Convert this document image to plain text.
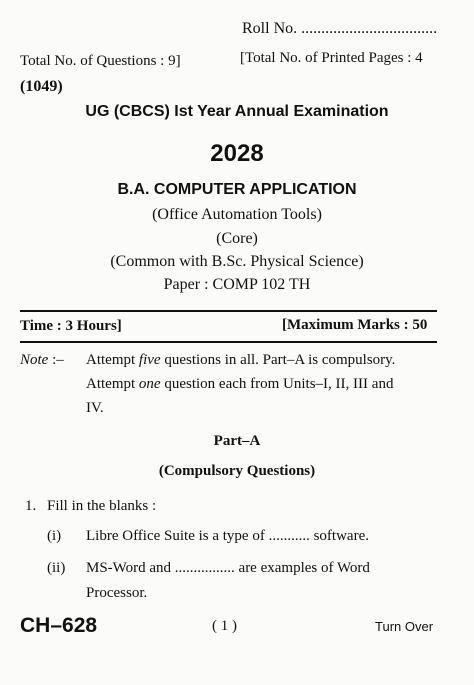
Roll No. ..................................
Total No. of Questions : 9]	[Total No. of Printed Pages : 4
(1049)
UG (CBCS) Ist Year Annual Examination
2028
B.A. COMPUTER APPLICATION
(Office Automation Tools)
(Core)
(Common with B.Sc. Physical Science)
Paper : COMP 102 TH
Time : 3 Hours]	[Maximum Marks : 50
Note :– Attempt five questions in all. Part–A is compulsory.
Attempt one question each from Units–I, II, III and
IV.
Part–A
(Compulsory Questions)
1. Fill in the blanks :
(i) Libre Office Suite is a type of ........... software.
(ii) MS-Word and ................ are examples of Word
Processor.
CH–628	( 1 )	Turn Over
